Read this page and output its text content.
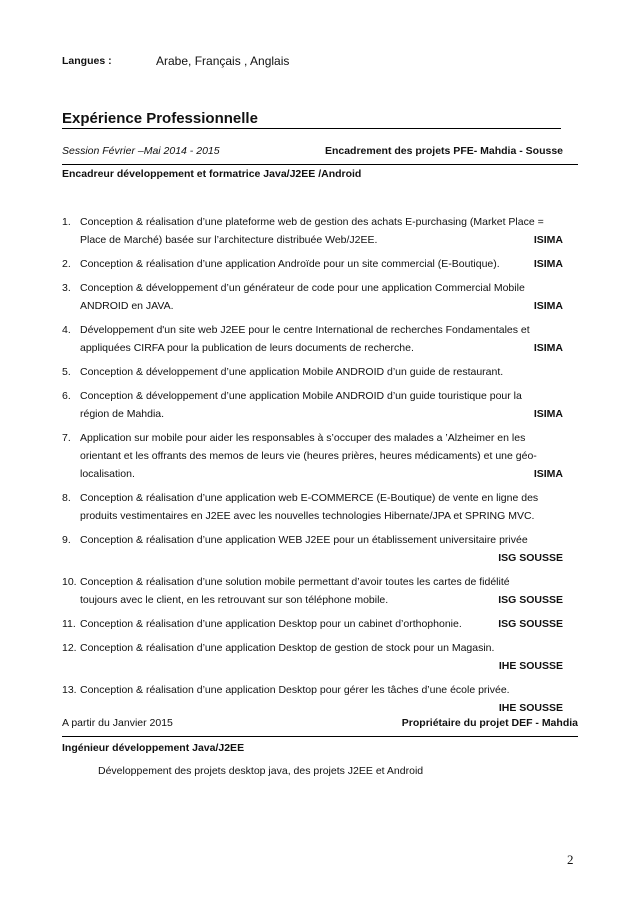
Langues :	Arabe, Français , Anglais
Expérience Professionnelle
Session Février –Mai 2014 - 2015	Encadrement des projets PFE- Mahdia - Sousse
Encadreur développement et formatrice Java/J2EE /Android
1. Conception & réalisation d’une plateforme web de gestion des achats E-purchasing (Market Place =
Place de Marché) basée sur l’architecture distribuée Web/J2EE.	ISIMA
2. Conception & réalisation d’une application Androïde pour un site commercial (E-Boutique).	ISIMA
3. Conception & développement d’un générateur de code pour une application Commercial Mobile
ANDROID en JAVA.	ISIMA
4. Développement d'un site web J2EE pour le centre International de recherches Fondamentales et
appliquées CIRFA pour la publication de leurs documents de recherche.	ISIMA
5. Conception & développement d’une application Mobile ANDROID d’un guide de restaurant.
6. Conception & développement d’une application Mobile ANDROID d’un guide touristique pour la
région de Mahdia.	ISIMA
7. Application sur mobile pour aider les responsables à s’occuper des malades a ’Alzheimer en les
orientant et les offrants des memos de leurs vie (heures prières, heures médicaments) et une géo-
localisation.	ISIMA
8. Conception & réalisation d’une application web E-COMMERCE (E-Boutique) de vente en ligne des
produits vestimentaires en J2EE avec les nouvelles technologies Hibernate/JPA et SPRING MVC.
9. Conception & réalisation d’une application WEB J2EE pour un établissement universitaire privée
ISG SOUSSE
10. Conception & réalisation d’une solution mobile permettant d’avoir toutes les cartes de fidélité
toujours avec le client, en les retrouvant sur son téléphone mobile.	ISG SOUSSE
11. Conception & réalisation d’une application Desktop pour un cabinet d’orthophonie.	ISG SOUSSE
12. Conception & réalisation d’une application Desktop de gestion de stock pour un Magasin.
IHE SOUSSE
13. Conception & réalisation d’une application Desktop pour gérer les tâches d’une école privée.
IHE SOUSSE
A partir du Janvier 2015	Propriétaire du projet DEF - Mahdia
Ingénieur développement Java/J2EE
Développement des projets desktop java, des projets J2EE et Android
2
